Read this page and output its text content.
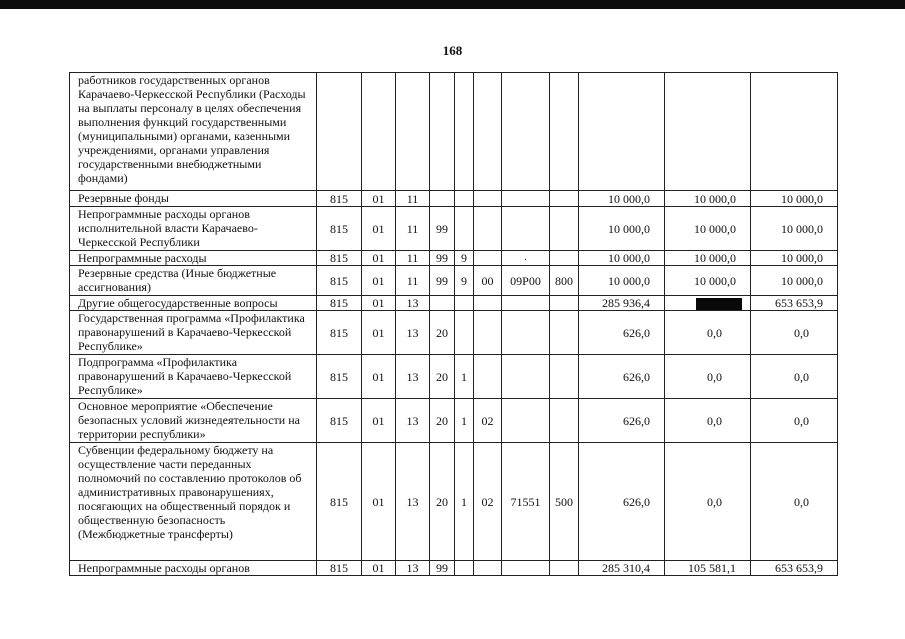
168
работников государственных органов Карачаево-Черкесской Республики (Расходы на выплаты персоналу в целях обеспечения выполнения функций государственными (муниципальными) органами, казенными учреждениями, органами управления государственными внебюджетными фондами)											
Резервные фонды	815	01	11						10 000,0	10 000,0	10 000,0
Непрограммные расходы органов исполнительной власти Карачаево-Черкесской Республики	815	01	11	99					10 000,0	10 000,0	10 000,0
Непрограммные расходы	815	01	11	99	9		.		10 000,0	10 000,0	10 000,0
Резервные средства (Иные бюджетные ассигнования)	815	01	11	99	9	00	09Р00	800	10 000,0	10 000,0	10 000,0
Другие общегосударственные вопросы	815	01	13						285 936,4		653 653,9
Государственная программа «Профилактика правонарушений в Карачаево-Черкесской Республике»	815	01	13	20					626,0	0,0	0,0
Подпрограмма «Профилактика правонарушений в Карачаево-Черкесской Республике»	815	01	13	20	1				626,0	0,0	0,0
Основное мероприятие «Обеспечение безопасных условий жизнедеятельности на территории республики»	815	01	13	20	1	02			626,0	0,0	0,0
Субвенции федеральному бюджету на осуществление части переданных полномочий по составлению протоколов об административных правонарушениях, посягающих на общественный порядок и общественную безопасность (Межбюджетные трансферты)	815	01	13	20	1	02	71551	500	626,0	0,0	0,0
Непрограммные расходы органов	815	01	13	99					285 310,4	105 581,1	653 653,9
